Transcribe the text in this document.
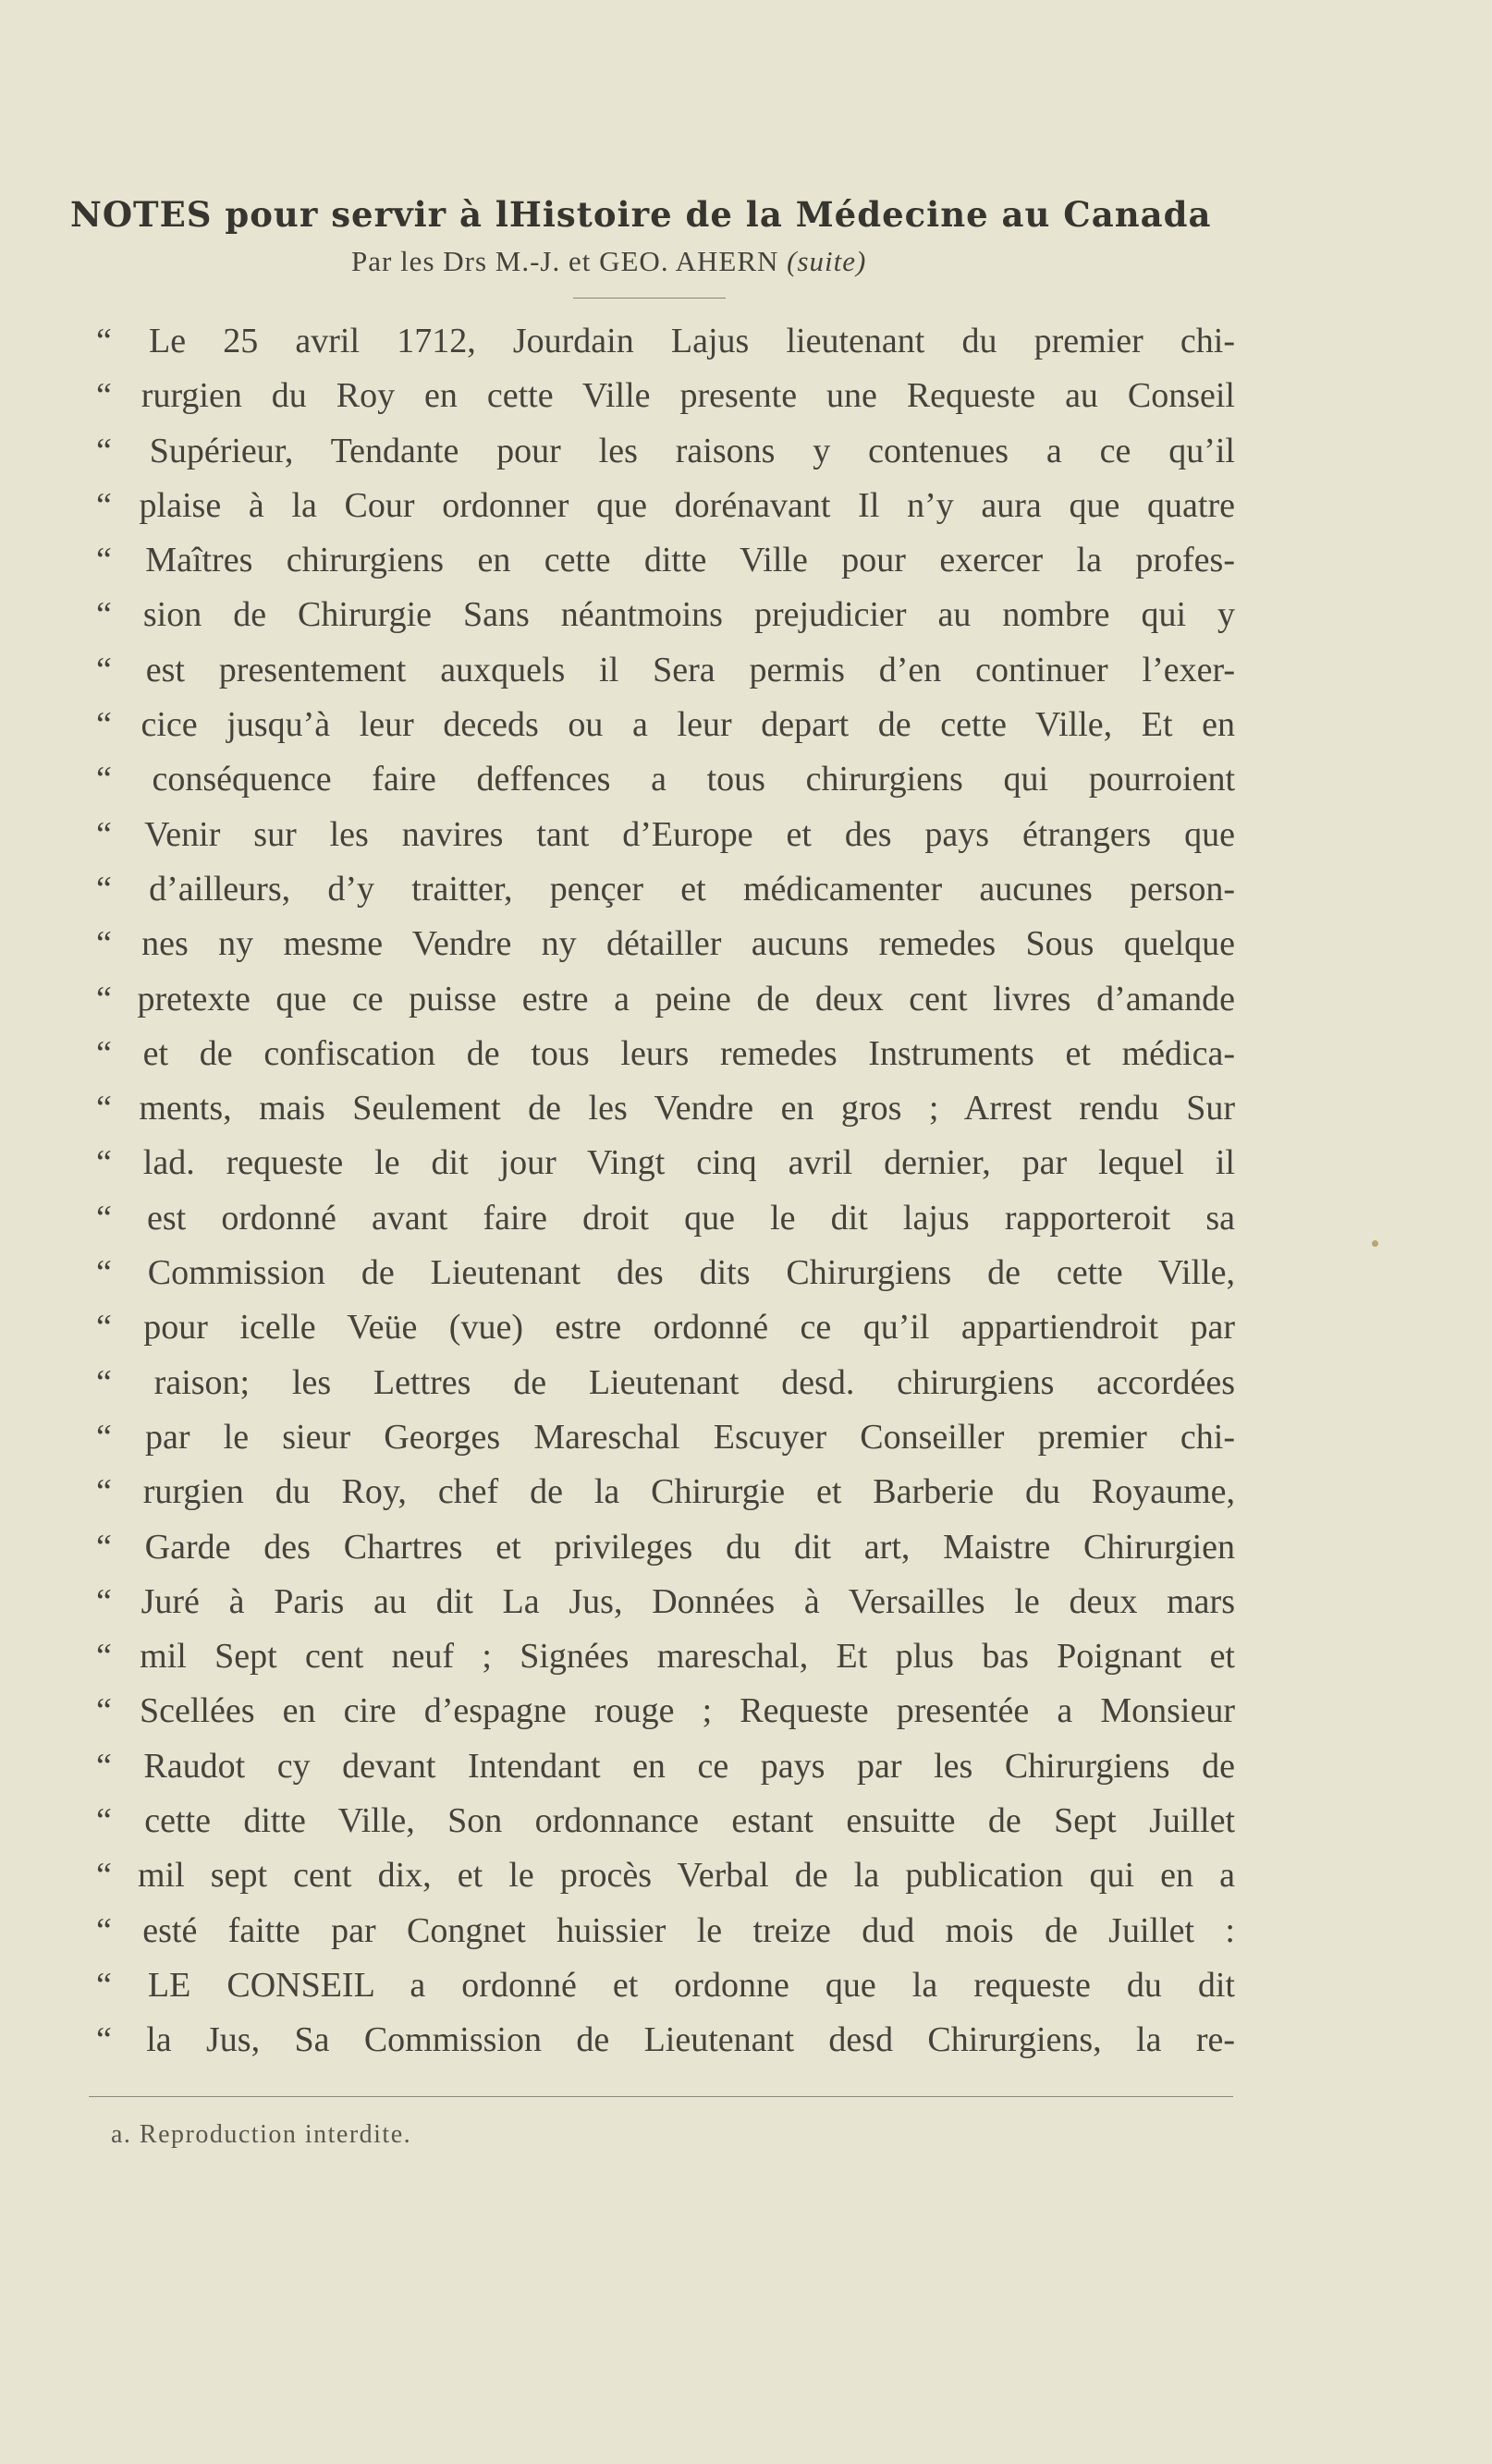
NOTES pour servir à lHistoire de la Médecine au Canada
Par les Drs M.-J. et GEO. AHERN (suite)
“ Le 25 avril 1712, Jourdain Lajus lieutenant du premier chi-
“ rurgien du Roy en cette Ville presente une Requeste au Conseil
“ Supérieur, Tendante pour les raisons y contenues a ce qu’il
“ plaise à la Cour ordonner que dorénavant Il n’y aura que quatre
“ Maîtres chirurgiens en cette ditte Ville pour exercer la profes-
“ sion de Chirurgie Sans néantmoins prejudicier au nombre qui y
“ est presentement auxquels il Sera permis d’en continuer l’exer-
“ cice jusqu’à leur deceds ou a leur depart de cette Ville, Et en
“ conséquence faire deffences a tous chirurgiens qui pourroient
“ Venir sur les navires tant d’Europe et des pays étrangers que
“ d’ailleurs, d’y traitter, pençer et médicamenter aucunes person-
“ nes ny mesme Vendre ny détailler aucuns remedes Sous quelque
“ pretexte que ce puisse estre a peine de deux cent livres d’amande
“ et de confiscation de tous leurs remedes Instruments et médica-
“ ments, mais Seulement de les Vendre en gros ; Arrest rendu Sur
“ lad. requeste le dit jour Vingt cinq avril dernier, par lequel il
“ est ordonné avant faire droit que le dit lajus rapporteroit sa
“ Commission de Lieutenant des dits Chirurgiens de cette Ville,
“ pour icelle Veüe (vue) estre ordonné ce qu’il appartiendroit par
“ raison; les Lettres de Lieutenant desd. chirurgiens accordées
“ par le sieur Georges Mareschal Escuyer Conseiller premier chi-
“ rurgien du Roy, chef de la Chirurgie et Barberie du Royaume,
“ Garde des Chartres et privileges du dit art, Maistre Chirurgien
“ Juré à Paris au dit La Jus, Données à Versailles le deux mars
“ mil Sept cent neuf ; Signées mareschal, Et plus bas Poignant et
“ Scellées en cire d’espagne rouge ; Requeste presentée a Monsieur
“ Raudot cy devant Intendant en ce pays par les Chirurgiens de
“ cette ditte Ville, Son ordonnance estant ensuitte de Sept Juillet
“ mil sept cent dix, et le procès Verbal de la publication qui en a
“ esté faitte par Congnet huissier le treize dud mois de Juillet :
“ LE CONSEIL a ordonné et ordonne que la requeste du dit
“ la Jus, Sa Commission de Lieutenant desd Chirurgiens, la re-
a. Reproduction interdite.
